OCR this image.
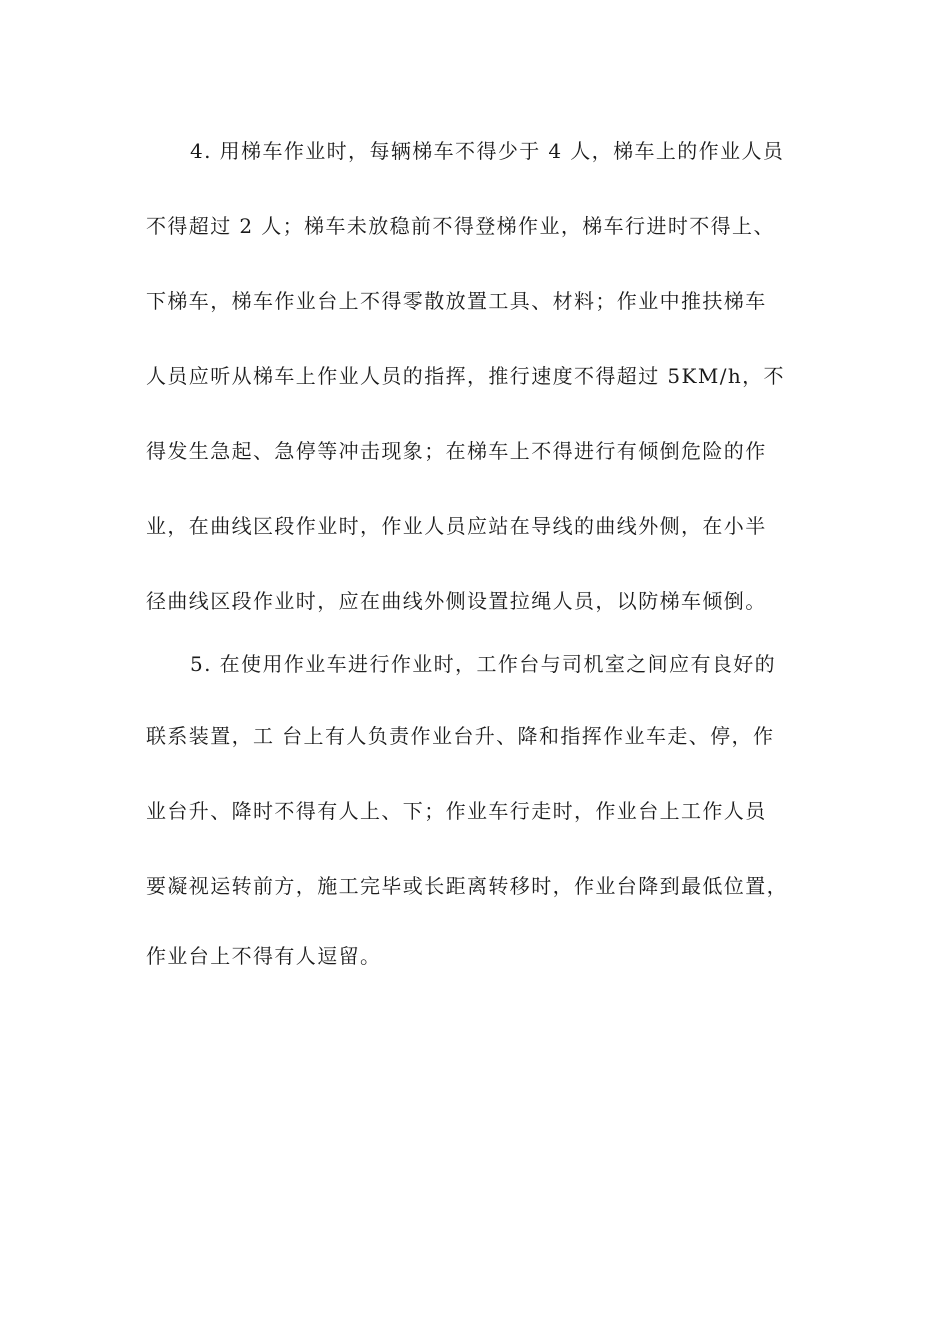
4. 用梯车作业时，每辆梯车不得少于 4 人，梯车上的作业人员
不得超过 2 人；梯车未放稳前不得登梯作业，梯车行进时不得上、
下梯车，梯车作业台上不得零散放置工具、材料；作业中推扶梯车
人员应听从梯车上作业人员的指挥，推行速度不得超过 5KM/h，不
得发生急起、急停等冲击现象；在梯车上不得进行有倾倒危险的作
业，在曲线区段作业时，作业人员应站在导线的曲线外侧，在小半
径曲线区段作业时，应在曲线外侧设置拉绳人员，以防梯车倾倒。
5. 在使用作业车进行作业时，工作台与司机室之间应有良好的
联系装置，工 台上有人负责作业台升、降和指挥作业车走、停，作
业台升、降时不得有人上、下；作业车行走时，作业台上工作人员
要凝视运转前方，施工完毕或长距离转移时，作业台降到最低位置，
作业台上不得有人逗留。
